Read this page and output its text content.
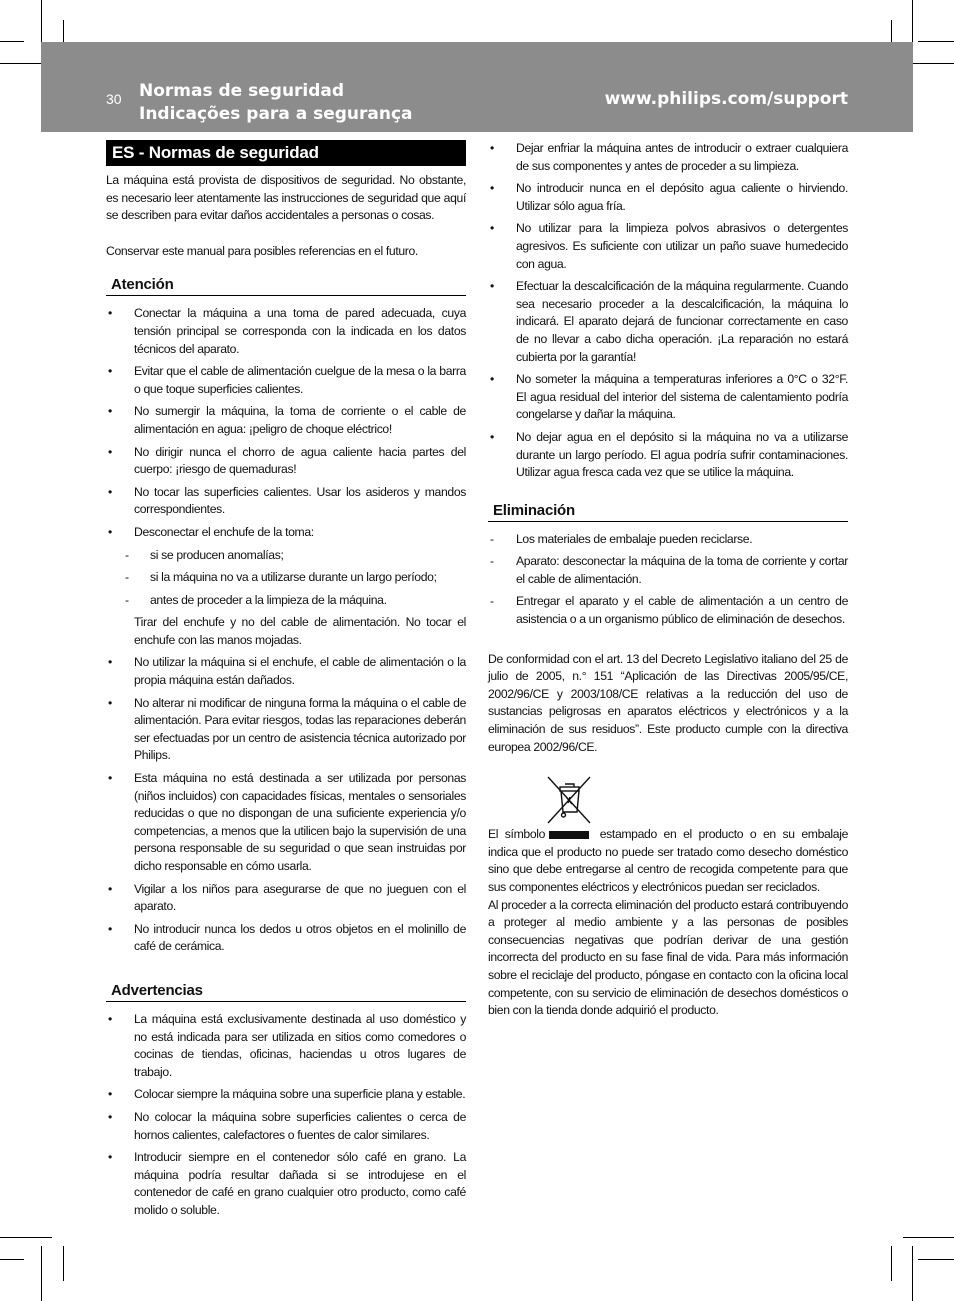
30 Normas de seguridad
Indicações para a segurança
www.philips.com/support
ES - Normas de seguridad

La máquina está provista de dispositivos de seguridad. No obstante, es necesario leer atentamente las instrucciones de seguridad que aquí se describen para evitar daños accidentales a personas o cosas.

Conservar este manual para posibles referencias en el futuro.

Atención
• Conectar la máquina a una toma de pared adecuada, cuya tensión principal se corresponda con la indicada en los datos técnicos del aparato.
• Evitar que el cable de alimentación cuelgue de la mesa o la barra o que toque superficies calientes.
• No sumergir la máquina, la toma de corriente o el cable de alimentación en agua: ¡peligro de choque eléctrico!
• No dirigir nunca el chorro de agua caliente hacia partes del cuerpo: ¡riesgo de quemaduras!
• No tocar las superficies calientes. Usar los asideros y mandos correspondientes.
• Desconectar el enchufe de la toma:
- si se producen anomalías;
- si la máquina no va a utilizarse durante un largo período;
- antes de proceder a la limpieza de la máquina.
Tirar del enchufe y no del cable de alimentación. No tocar el enchufe con las manos mojadas.
• No utilizar la máquina si el enchufe, el cable de alimentación o la propia máquina están dañados.
• No alterar ni modificar de ninguna forma la máquina o el cable de alimentación. Para evitar riesgos, todas las reparaciones deberán ser efectuadas por un centro de asistencia técnica autorizado por Philips.
• Esta máquina no está destinada a ser utilizada por personas (niños incluidos) con capacidades físicas, mentales o sensoriales reducidas o que no dispongan de una suficiente experiencia y/o competencias, a menos que la utilicen bajo la supervisión de una persona responsable de su seguridad o que sean instruidas por dicho responsable en cómo usarla.
• Vigilar a los niños para asegurarse de que no jueguen con el aparato.
• No introducir nunca los dedos u otros objetos en el molinillo de café de cerámica.
Advertencias
• La máquina está exclusivamente destinada al uso doméstico y no está indicada para ser utilizada en sitios como comedores o cocinas de tiendas, oficinas, haciendas u otros lugares de trabajo.
• Colocar siempre la máquina sobre una superficie plana y estable.
• No colocar la máquina sobre superficies calientes o cerca de hornos calientes, calefactores o fuentes de calor similares.
• Introducir siempre en el contenedor sólo café en grano. La máquina podría resultar dañada si se introdujese en el contenedor de café en grano cualquier otro producto, como café molido o soluble.
• Dejar enfriar la máquina antes de introducir o extraer cualquiera de sus componentes y antes de proceder a su limpieza.
• No introducir nunca en el depósito agua caliente o hirviendo. Utilizar sólo agua fría.
• No utilizar para la limpieza polvos abrasivos o detergentes agresivos. Es suficiente con utilizar un paño suave humedecido con agua.
• Efectuar la descalcificación de la máquina regularmente. Cuando sea necesario proceder a la descalcificación, la máquina lo indicará. El aparato dejará de funcionar correctamente en caso de no llevar a cabo dicha operación. ¡La reparación no estará cubierta por la garantía!
• No someter la máquina a temperaturas inferiores a 0°C o 32°F. El agua residual del interior del sistema de calentamiento podría congelarse y dañar la máquina.
• No dejar agua en el depósito si la máquina no va a utilizarse durante un largo período. El agua podría sufrir contaminaciones. Utilizar agua fresca cada vez que se utilice la máquina.
Eliminación
- Los materiales de embalaje pueden reciclarse.
- Aparato: desconectar la máquina de la toma de corriente y cortar el cable de alimentación.
- Entregar el aparato y el cable de alimentación a un centro de asistencia o a un organismo público de eliminación de desechos.

De conformidad con el art. 13 del Decreto Legislativo italiano del 25 de julio de 2005, n.° 151 “Aplicación de las Directivas 2005/95/CE, 2002/96/CE y 2003/108/CE relativas a la reducción del uso de sustancias peligrosas en aparatos eléctricos y electrónicos y a la eliminación de sus residuos”. Este producto cumple con la directiva europea 2002/96/CE.

El símbolo	estampado en el producto o en su embalaje indica que el producto no puede ser tratado como desecho doméstico sino que debe entregarse al centro de recogida competente para que sus componentes eléctricos y electrónicos puedan ser reciclados.

Al proceder a la correcta eliminación del producto estará contribuyendo a proteger al medio ambiente y a las personas de posibles consecuencias negativas que podrían derivar de una gestión incorrecta del producto en su fase final de vida. Para más información sobre el reciclaje del producto, póngase en contacto con la oficina local competente, con su servicio de eliminación de desechos domésticos o bien con la tienda donde adquirió el producto.
